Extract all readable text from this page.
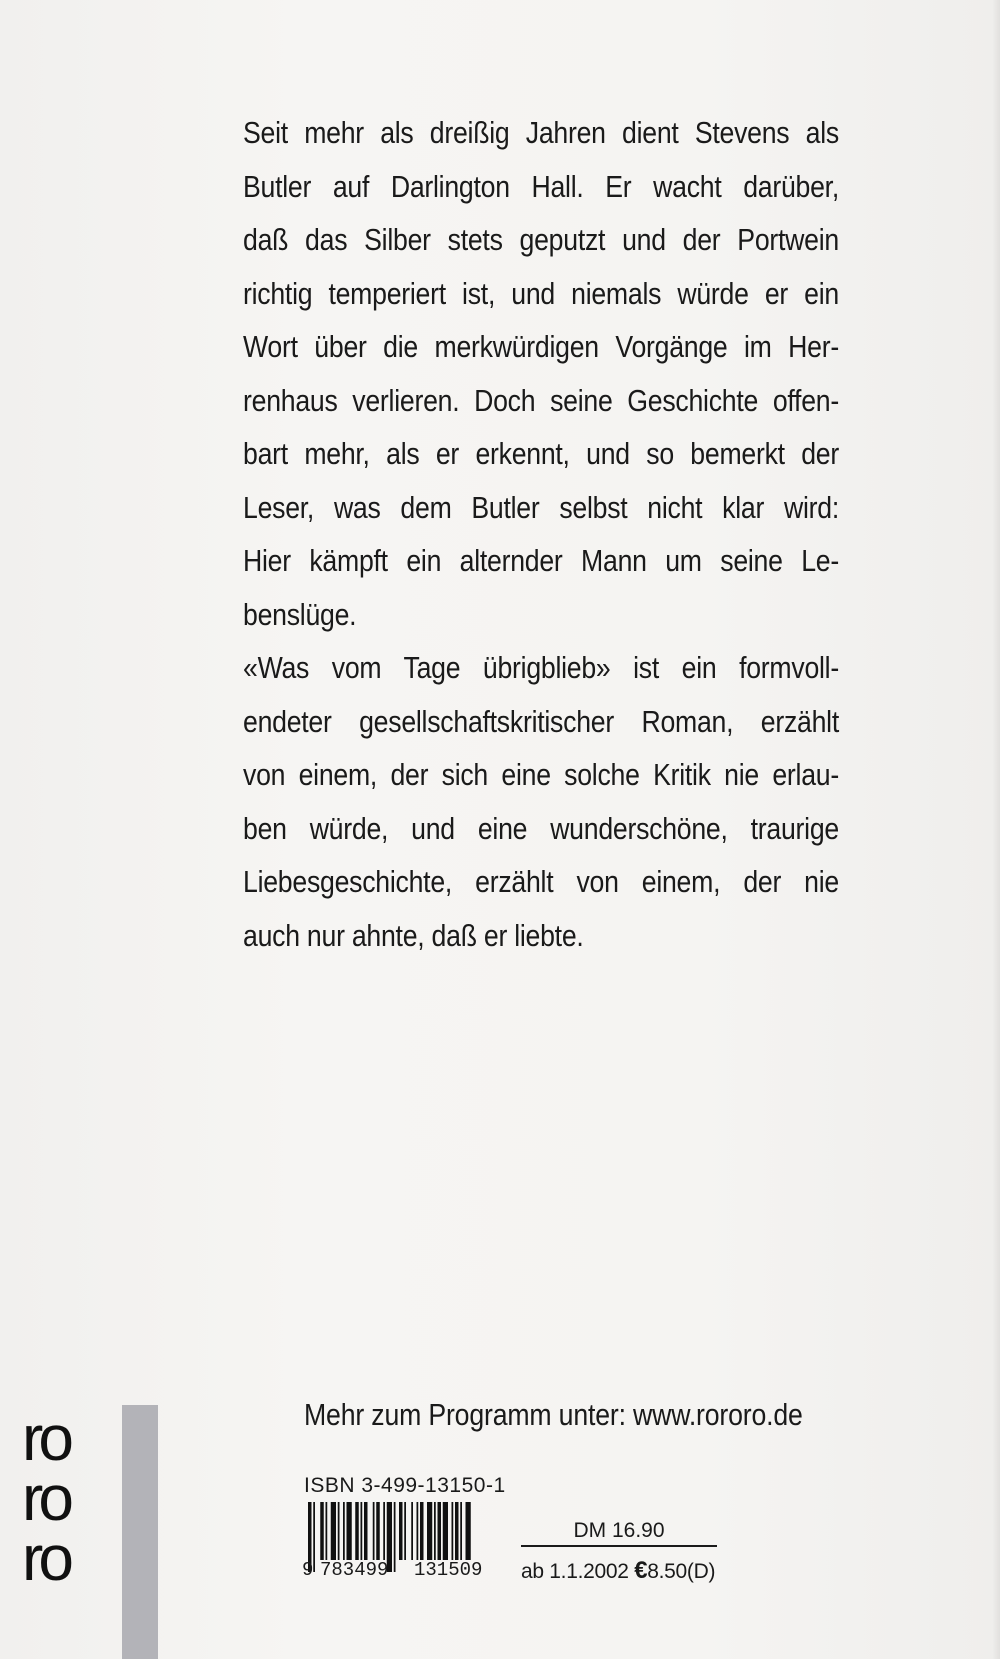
Seit mehr als dreißig Jahren dient Stevens als
Butler auf Darlington Hall. Er wacht darüber,
daß das Silber stets geputzt und der Portwein
richtig temperiert ist, und niemals würde er ein
Wort über die merkwürdigen Vorgänge im Her-
renhaus verlieren. Doch seine Geschichte offen-
bart mehr, als er erkennt, und so bemerkt der
Leser, was dem Butler selbst nicht klar wird:
Hier kämpft ein alternder Mann um seine Le-
benslüge.
«Was vom Tage übrigblieb» ist ein formvoll-
endeter gesellschaftskritischer Roman, erzählt
von einem, der sich eine solche Kritik nie erlau-
ben würde, und eine wunderschöne, traurige
Liebesgeschichte, erzählt von einem, der nie
auch nur ahnte, daß er liebte.
Mehr zum Programm unter: www.rororo.de
ro
ro
ro
ISBN 3-499-13150-1
9 783499 131509
DM 16.90
ab 1.1.2002 €8.50(D)
